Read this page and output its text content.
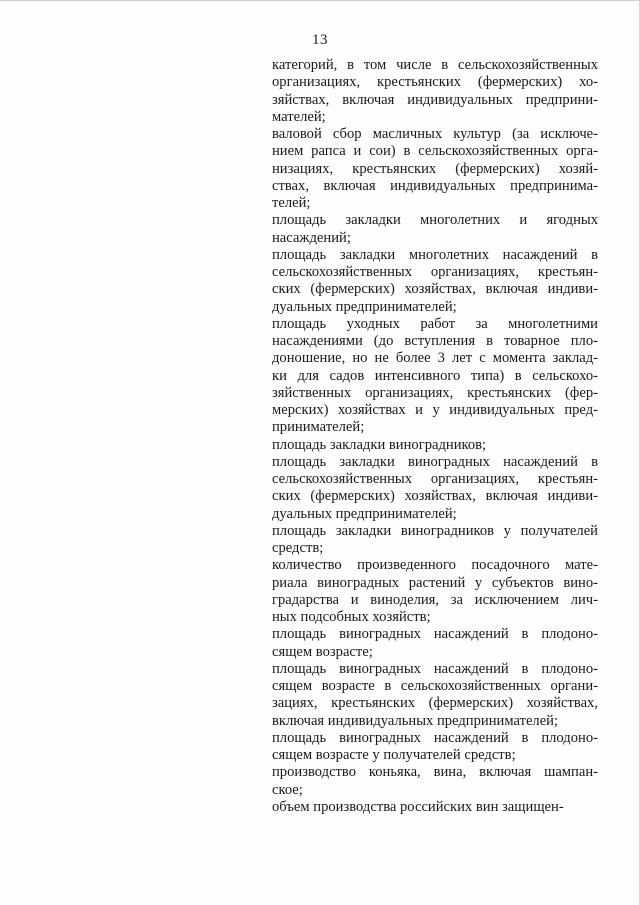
13
категорий, в том числе в сельскохозяйственных
организациях, крестьянских (фермерских) хо-
зяйствах, включая индивидуальных предприни-
мателей;
валовой сбор масличных культур (за исключе-
нием рапса и сои) в сельскохозяйственных орга-
низациях, крестьянских (фермерских) хозяй-
ствах, включая индивидуальных предпринима-
телей;
площадь закладки многолетних и ягодных
насаждений;
площадь закладки многолетних насаждений в
сельскохозяйственных организациях, крестьян-
ских (фермерских) хозяйствах, включая индиви-
дуальных предпринимателей;
площадь уходных работ за многолетними
насаждениями (до вступления в товарное пло-
доношение, но не более 3 лет с момента заклад-
ки для садов интенсивного типа) в сельскохо-
зяйственных организациях, крестьянских (фер-
мерских) хозяйствах и у индивидуальных пред-
принимателей;
площадь закладки виноградников;
площадь закладки виноградных насаждений в
сельскохозяйственных организациях, крестьян-
ских (фермерских) хозяйствах, включая индиви-
дуальных предпринимателей;
площадь закладки виноградников у получателей
средств;
количество произведенного посадочного мате-
риала виноградных растений у субъектов вино-
градарства и виноделия, за исключением лич-
ных подсобных хозяйств;
площадь виноградных насаждений в плодоно-
сящем возрасте;
площадь виноградных насаждений в плодоно-
сящем возрасте в сельскохозяйственных органи-
зациях, крестьянских (фермерских) хозяйствах,
включая индивидуальных предпринимателей;
площадь виноградных насаждений в плодоно-
сящем возрасте у получателей средств;
производство коньяка, вина, включая шампан-
ское;
объем производства российских вин защищен-
